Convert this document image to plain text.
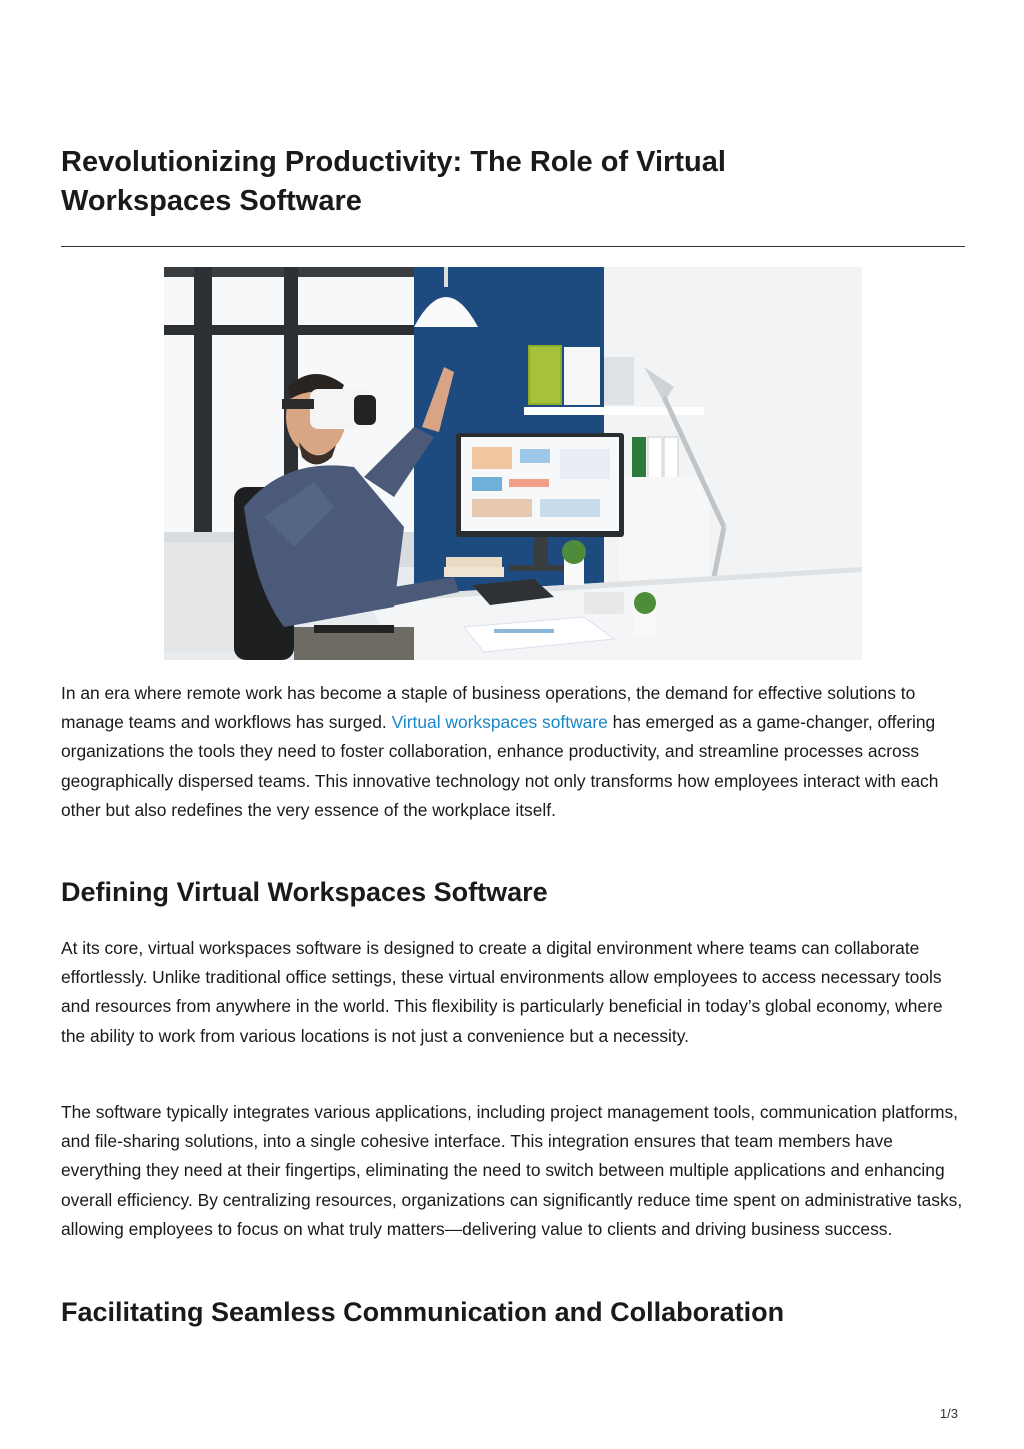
Revolutionizing Productivity: The Role of Virtual Workspaces Software

In an era where remote work has become a staple of business operations, the demand for effective solutions to manage teams and workflows has surged. Virtual workspaces software has emerged as a game-changer, offering organizations the tools they need to foster collaboration, enhance productivity, and streamline processes across geographically dispersed teams. This innovative technology not only transforms how employees interact with each other but also redefines the very essence of the workplace itself.

Defining Virtual Workspaces Software

At its core, virtual workspaces software is designed to create a digital environment where teams can collaborate effortlessly. Unlike traditional office settings, these virtual environments allow employees to access necessary tools and resources from anywhere in the world. This flexibility is particularly beneficial in today’s global economy, where the ability to work from various locations is not just a convenience but a necessity.

The software typically integrates various applications, including project management tools, communication platforms, and file-sharing solutions, into a single cohesive interface. This integration ensures that team members have everything they need at their fingertips, eliminating the need to switch between multiple applications and enhancing overall efficiency. By centralizing resources, organizations can significantly reduce time spent on administrative tasks, allowing employees to focus on what truly matters—delivering value to clients and driving business success.

Facilitating Seamless Communication and Collaboration
1/3
